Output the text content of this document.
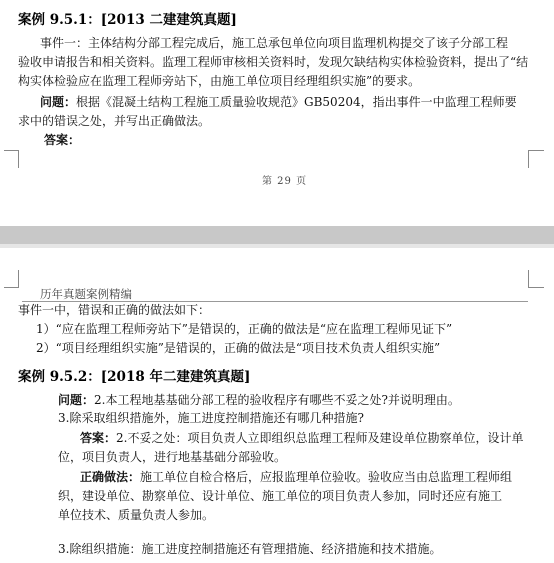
案例 9.5.1：[2013 二建建筑真题]
事件一：主体结构分部工程完成后，施工总承包单位向项目监理机构提交了该子分部工程
验收申请报告和相关资料。监理工程师审核相关资料时，发现欠缺结构实体检验资料，提出了“结
构实体检验应在监理工程师旁站下，由施工单位项目经理组织实施”的要求。
问题：根据《混凝土结构工程施工质量验收规范》GB50204，指出事件一中监理工程师要
求中的错误之处，并写出正确做法。
答案：
第 29 页
历年真题案例精编
事件一中，错误和正确的做法如下：
1）“应在监理工程师旁站下”是错误的，正确的做法是“应在监理工程师见证下”
2）“项目经理组织实施”是错误的，正确的做法是“项目技术负责人组织实施”
案例 9.5.2：[2018 年二建建筑真题]
问题：2.本工程地基基础分部工程的验收程序有哪些不妥之处?并说明理由。
3.除采取组织措施外，施工进度控制措施还有哪几种措施?
答案：2.不妥之处：项目负责人立即组织总监理工程师及建设单位勘察单位，设计单
位，项目负责人，进行地基基础分部验收。
正确做法：施工单位自检合格后，应报监理单位验收。验收应当由总监理工程师组
织，建设单位、勘察单位、设计单位、施工单位的项目负责人参加，同时还应有施工
单位技术、质量负责人参加。
3.除组织措施：施工进度控制措施还有管理措施、经济措施和技术措施。
